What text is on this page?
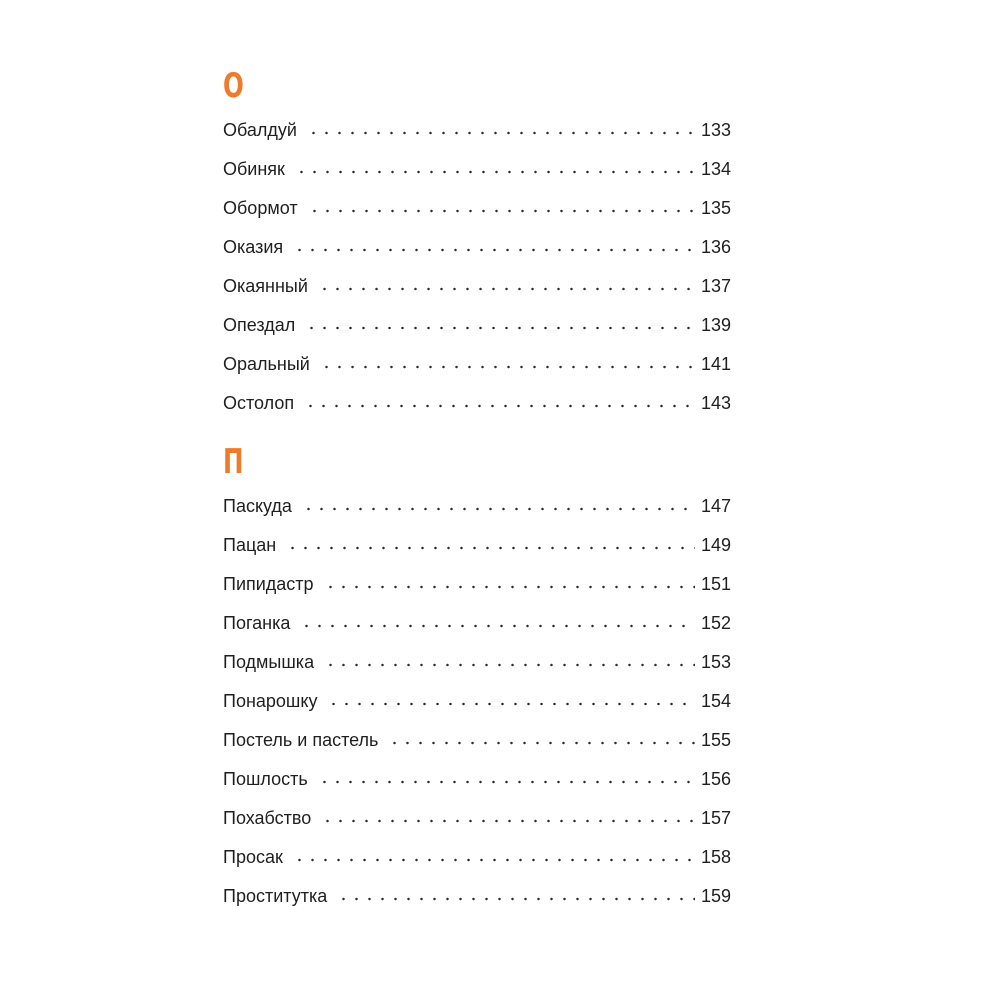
О
Обалдуй	133
Обиняк	134
Обормот	135
Оказия	136
Окаянный	137
Опездал	139
Оральный	141
Остолоп	143
П
Паскуда	147
Пацан	149
Пипидастр	151
Поганка	152
Подмышка	153
Понарошку	154
Постель и пастель	155
Пошлость	156
Похабство	157
Просак	158
Проститутка	159
